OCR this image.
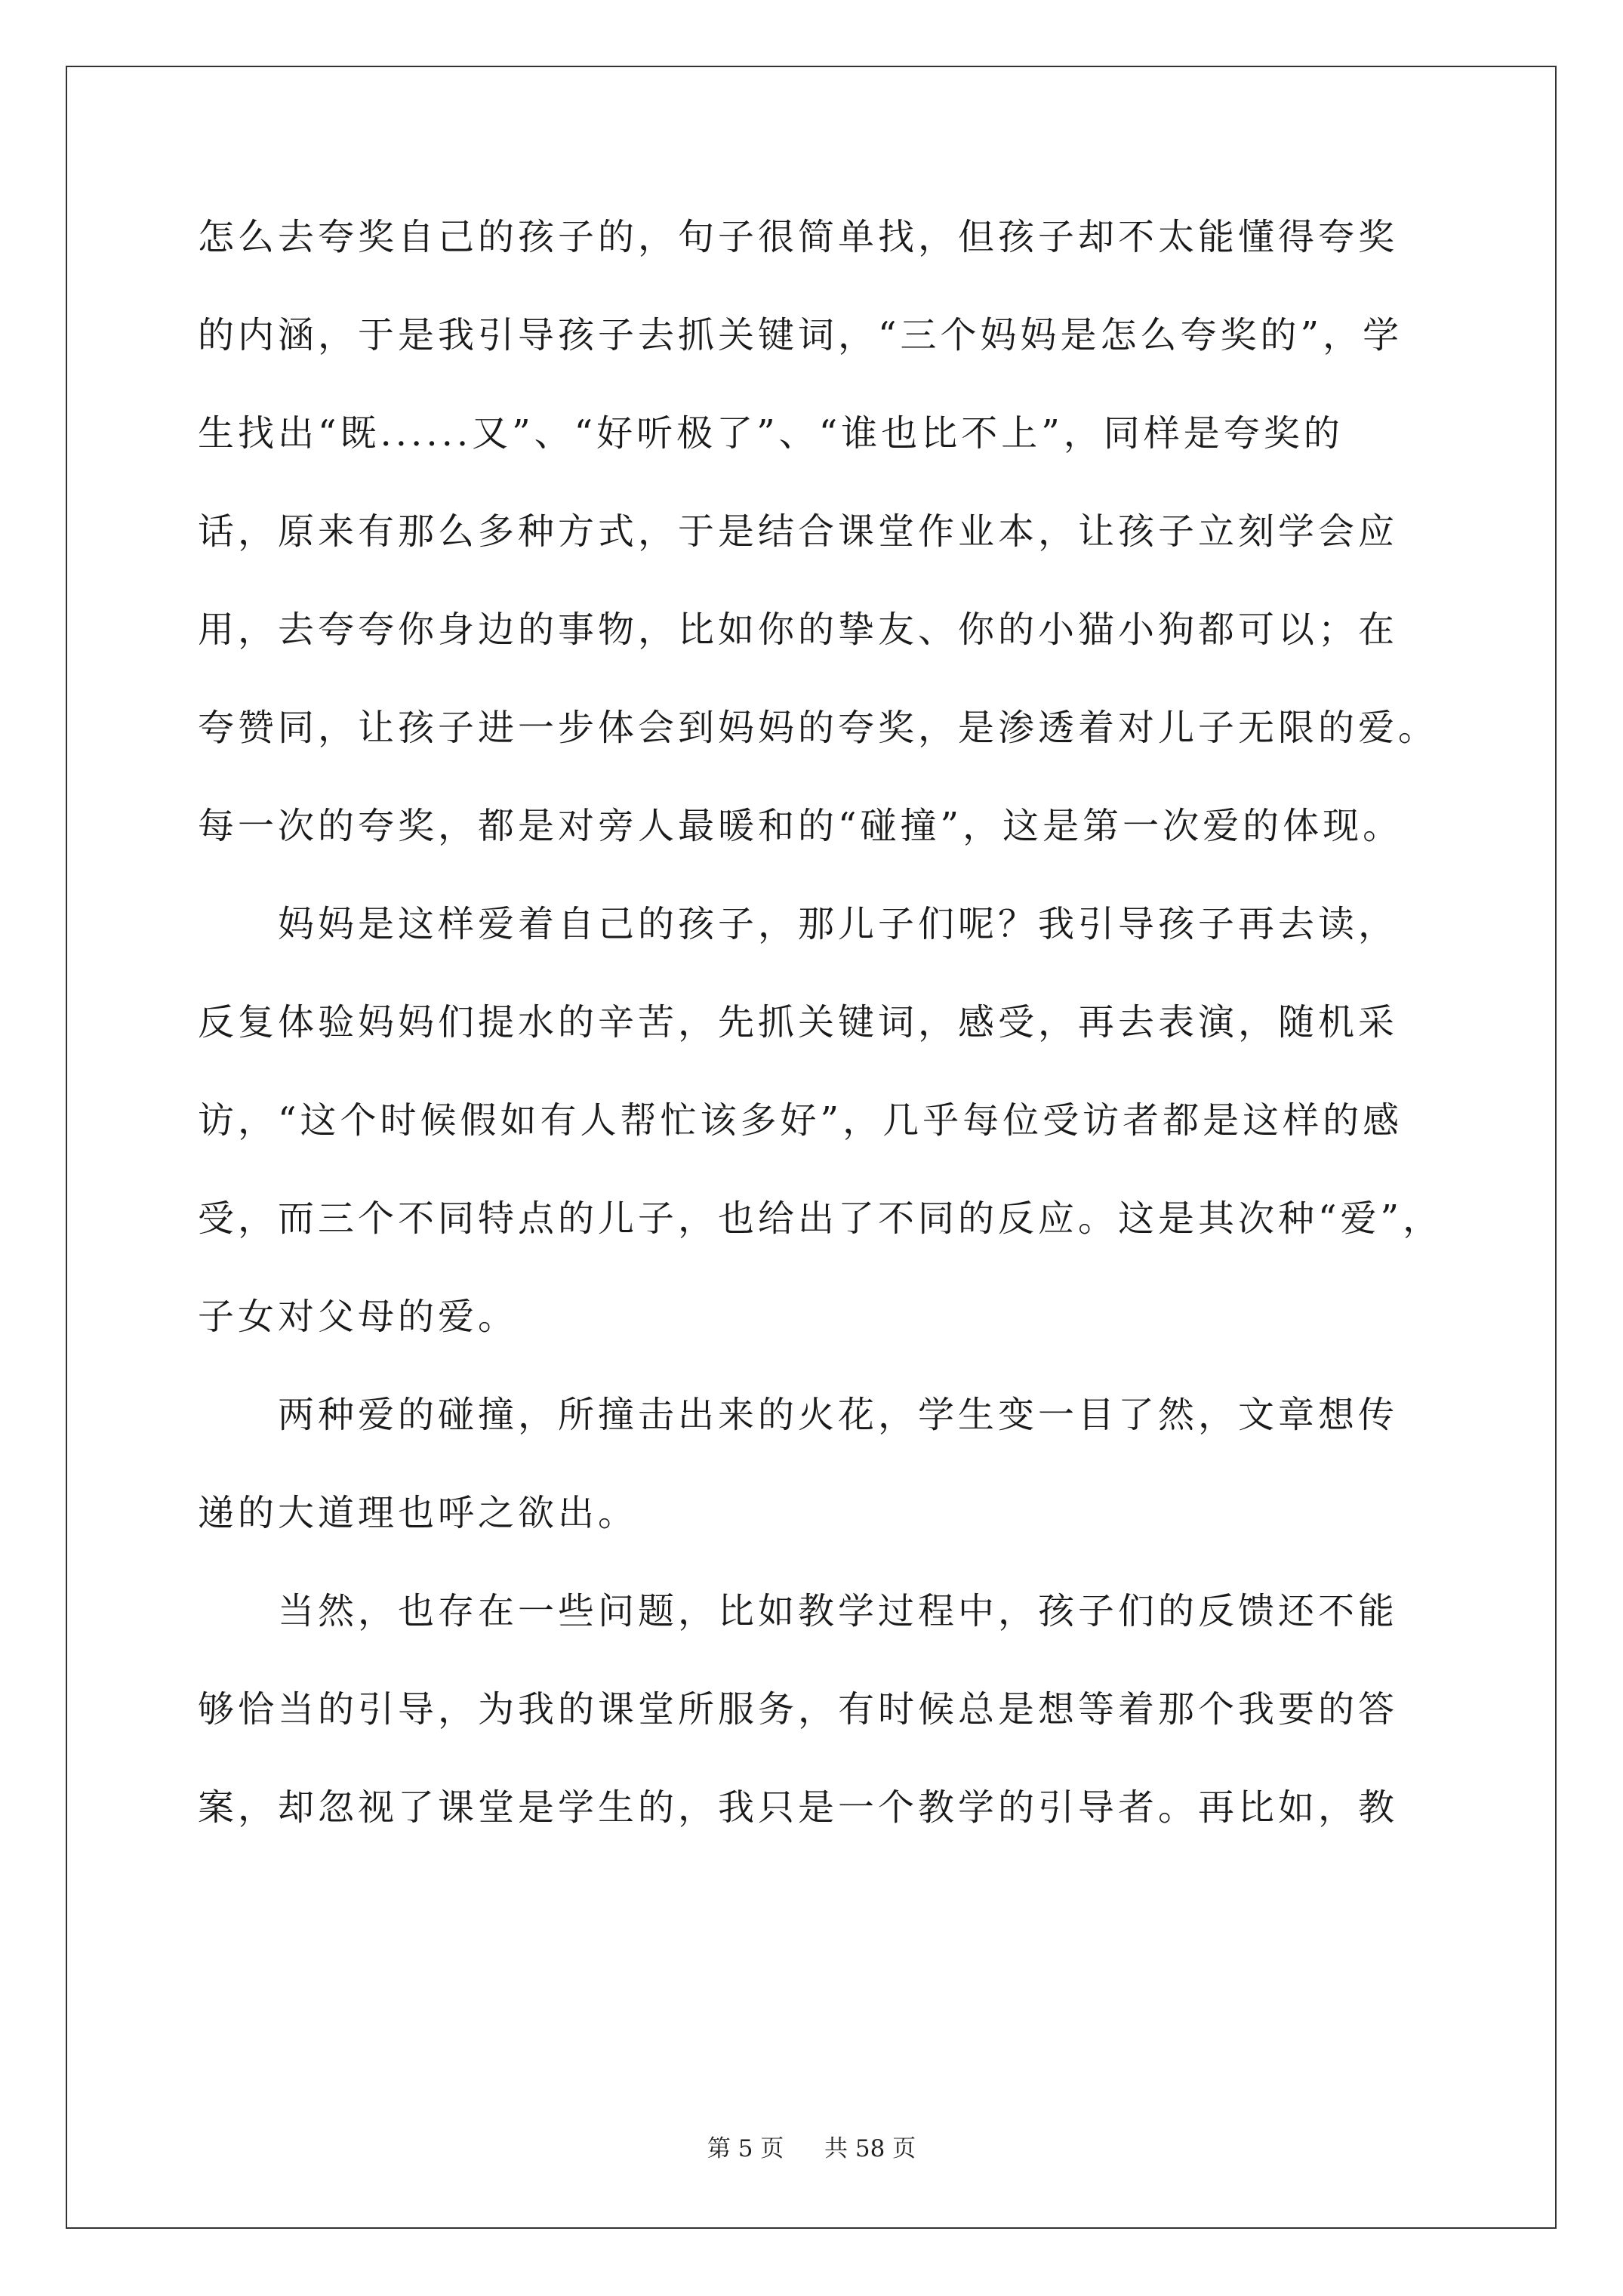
怎么去夸奖自己的孩子的，句子很简单找，但孩子却不太能懂得夸奖
的内涵，于是我引导孩子去抓关键词，“三个妈妈是怎么夸奖的”，学
生找出“既......又”、“好听极了”、“谁也比不上”，同样是夸奖的
话，原来有那么多种方式，于是结合课堂作业本，让孩子立刻学会应
用，去夸夸你身边的事物，比如你的挚友、你的小猫小狗都可以；在
夸赞同，让孩子进一步体会到妈妈的夸奖，是渗透着对儿子无限的爱。
每一次的夸奖，都是对旁人最暖和的“碰撞”，这是第一次爱的体现。
　　妈妈是这样爱着自己的孩子，那儿子们呢？我引导孩子再去读，
反复体验妈妈们提水的辛苦，先抓关键词，感受，再去表演，随机采
访，“这个时候假如有人帮忙该多好”，几乎每位受访者都是这样的感
受，而三个不同特点的儿子，也给出了不同的反应。这是其次种“爱”，
子女对父母的爱。
　　两种爱的碰撞，所撞击出来的火花，学生变一目了然，文章想传
递的大道理也呼之欲出。
　　当然，也存在一些问题，比如教学过程中，孩子们的反馈还不能
够恰当的引导，为我的课堂所服务，有时候总是想等着那个我要的答
案，却忽视了课堂是学生的，我只是一个教学的引导者。再比如，教
第 5 页 共 58 页
